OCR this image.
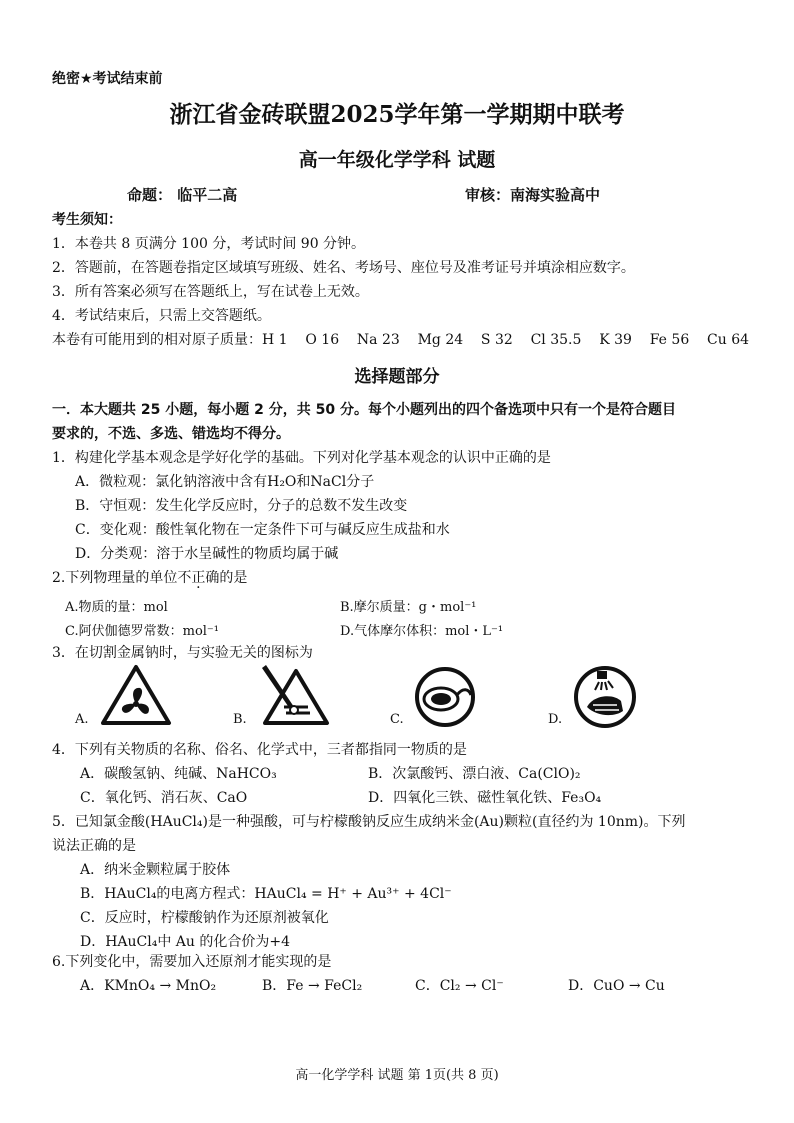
绝密★考试结束前
浙江省金砖联盟2025学年第一学期期中联考
高一年级化学学科 试题
命题： 临平二高	审核：南海实验高中
考生须知：
1．本卷共 8 页满分 100 分，考试时间 90 分钟。
2．答题前，在答题卷指定区域填写班级、姓名、考场号、座位号及准考证号并填涂相应数字。
3．所有答案必须写在答题纸上，写在试卷上无效。
4．考试结束后，只需上交答题纸。
本卷有可能用到的相对原子质量：H 1    O 16    Na 23    Mg 24    S 32    Cl 35.5    K 39    Fe 56    Cu 64
选择题部分
一．本大题共 25 小题，每小题 2 分，共 50 分。每个小题列出的四个备选项中只有一个是符合题目
要求的，不选、多选、错选均不得分。
1．构建化学基本观念是学好化学的基础。下列对化学基本观念的认识中正确的是
A．微粒观：氯化钠溶液中含有H₂O和NaCl分子
B．守恒观：发生化学反应时，分子的总数不发生改变
C．变化观：酸性氧化物在一定条件下可与碱反应生成盐和水
D．分类观：溶于水呈碱性的物质均属于碱
2.下列物理量的单位不正确的是
A.物质的量：mol	B.摩尔质量：g・mol⁻¹
C.阿伏伽德罗常数：mol⁻¹	D.气体摩尔体积：mol・L⁻¹
3．在切割金属钠时，与实验无关的图标为
A.	B.	C.	D.
4．下列有关物质的名称、俗名、化学式中，三者都指同一物质的是
A．碳酸氢钠、纯碱、NaHCO₃	B．次氯酸钙、漂白液、Ca(ClO)₂
C．氧化钙、消石灰、CaO	D．四氧化三铁、磁性氧化铁、Fe₃O₄
5．已知氯金酸(HAuCl₄)是一种强酸，可与柠檬酸钠反应生成纳米金(Au)颗粒(直径约为 10nm)。下列
说法正确的是
A．纳米金颗粒属于胶体
B．HAuCl₄的电离方程式：HAuCl₄ = H⁺ + Au³⁺ + 4Cl⁻
C．反应时，柠檬酸钠作为还原剂被氧化
D．HAuCl₄中 Au 的化合价为+4
6.下列变化中，需要加入还原剂才能实现的是
A．KMnO₄ → MnO₂	B．Fe → FeCl₂	C．Cl₂ → Cl⁻	D．CuO → Cu
高一化学学科 试题 第 1页(共 8 页)
